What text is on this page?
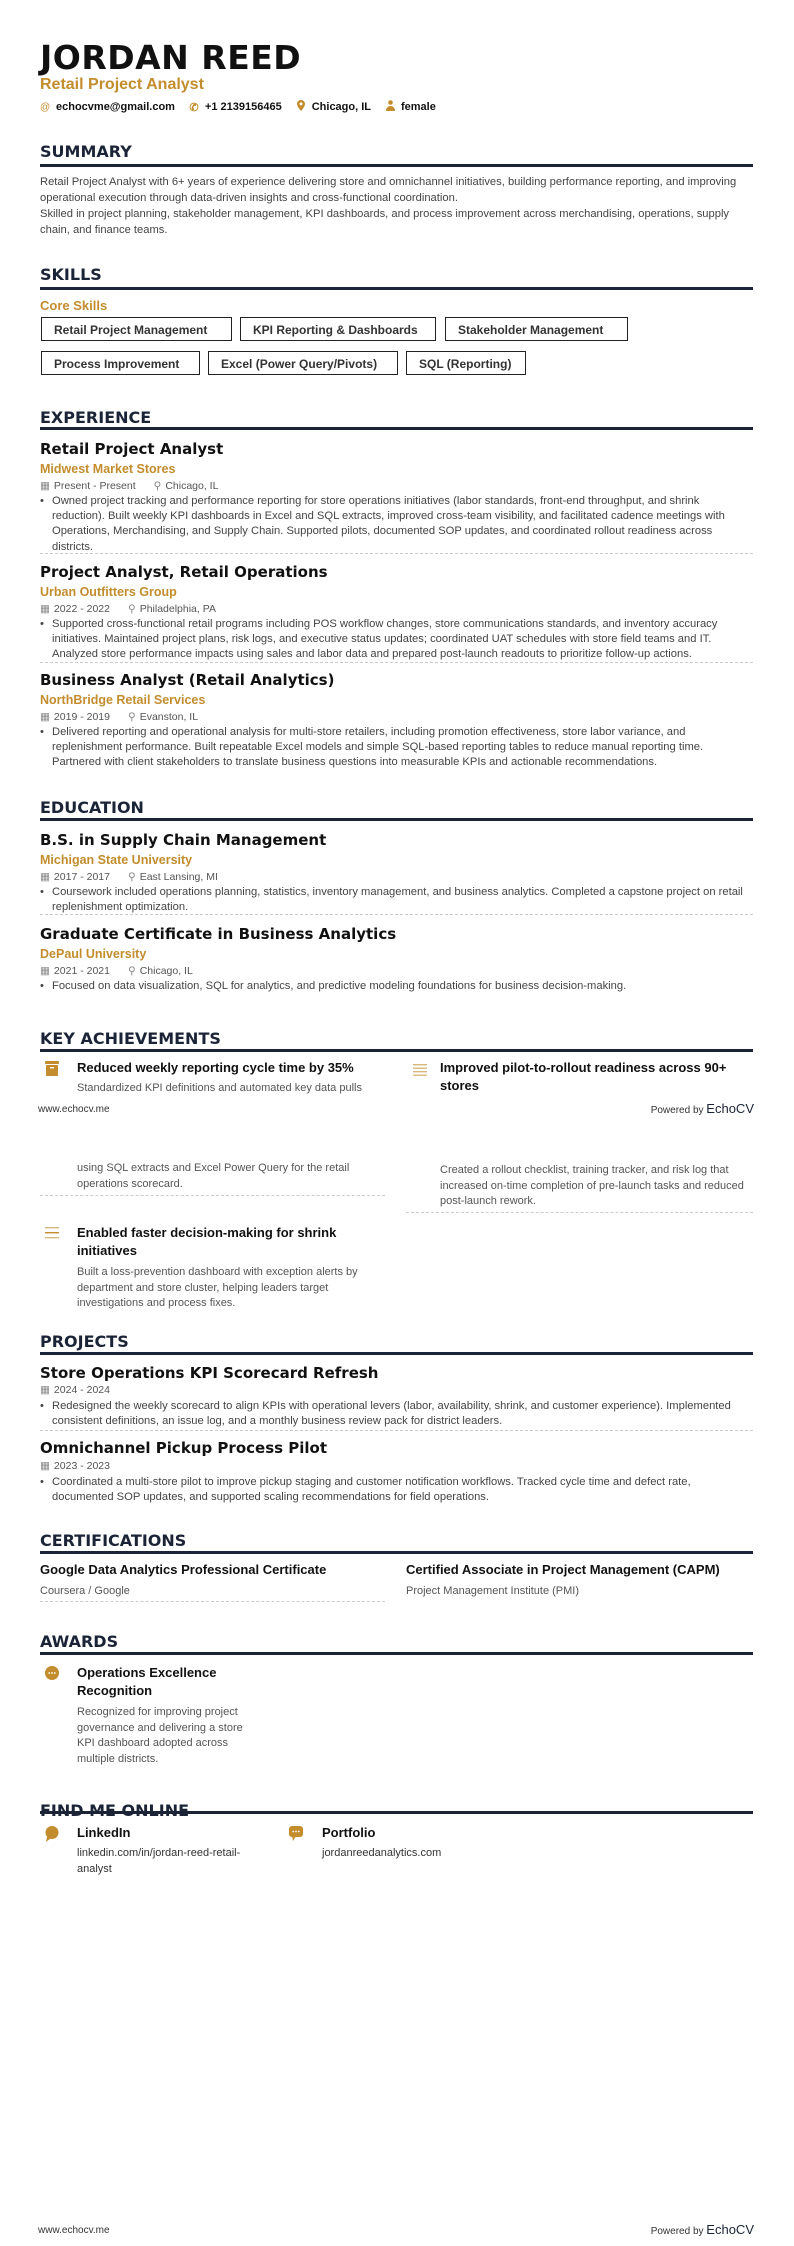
JORDAN REED
Retail Project Analyst
@ echocvme@gmail.com ✆ +1 2139156465	Chicago, IL	female
SUMMARY
Retail Project Analyst with 6+ years of experience delivering store and omnichannel initiatives, building performance reporting, and improving operational execution through data-driven insights and cross-functional coordination.
Skilled in project planning, stakeholder management, KPI dashboards, and process improvement across merchandising, operations, supply chain, and finance teams.
SKILLS
Core Skills
Retail Project Management	KPI Reporting & Dashboards	Stakeholder Management
Process Improvement	Excel (Power Query/Pivots)	SQL (Reporting)
EXPERIENCE
Retail Project Analyst
Midwest Market Stores
▦ Present - Present ⚲ Chicago, IL
• Owned project tracking and performance reporting for store operations initiatives (labor standards, front-end throughput, and shrink reduction). Built weekly KPI dashboards in Excel and SQL extracts, improved cross-team visibility, and facilitated cadence meetings with Operations, Merchandising, and Supply Chain. Supported pilots, documented SOP updates, and coordinated rollout readiness across districts.
Project Analyst, Retail Operations
Urban Outfitters Group
▦ 2022 - 2022 ⚲ Philadelphia, PA
• Supported cross-functional retail programs including POS workflow changes, store communications standards, and inventory accuracy initiatives. Maintained project plans, risk logs, and executive status updates; coordinated UAT schedules with store field teams and IT. Analyzed store performance impacts using sales and labor data and prepared post-launch readouts to prioritize follow-up actions.
Business Analyst (Retail Analytics)
NorthBridge Retail Services
▦ 2019 - 2019 ⚲ Evanston, IL
• Delivered reporting and operational analysis for multi-store retailers, including promotion effectiveness, store labor variance, and replenishment performance. Built repeatable Excel models and simple SQL-based reporting tables to reduce manual reporting time. Partnered with client stakeholders to translate business questions into measurable KPIs and actionable recommendations.
EDUCATION
B.S. in Supply Chain Management
Michigan State University
▦ 2017 - 2017 ⚲ East Lansing, MI
• Coursework included operations planning, statistics, inventory management, and business analytics. Completed a capstone project on retail replenishment optimization.
Graduate Certificate in Business Analytics
DePaul University
▦ 2021 - 2021 ⚲ Chicago, IL
• Focused on data visualization, SQL for analytics, and predictive modeling foundations for business decision-making.
KEY ACHIEVEMENTS
Reduced weekly reporting cycle time by 35%
Standardized KPI definitions and automated key data pulls
Improved pilot-to-rollout readiness across 90+ stores
www.echocv.me	Powered by EchoCV
using SQL extracts and Excel Power Query for the retail operations scorecard.
Created a rollout checklist, training tracker, and risk log that increased on-time completion of pre-launch tasks and reduced post-launch rework.
Enabled faster decision-making for shrink initiatives
Built a loss-prevention dashboard with exception alerts by department and store cluster, helping leaders target investigations and process fixes.
PROJECTS
Store Operations KPI Scorecard Refresh
▦ 2024 - 2024
• Redesigned the weekly scorecard to align KPIs with operational levers (labor, availability, shrink, and customer experience). Implemented consistent definitions, an issue log, and a monthly business review pack for district leaders.
Omnichannel Pickup Process Pilot
▦ 2023 - 2023
• Coordinated a multi-store pilot to improve pickup staging and customer notification workflows. Tracked cycle time and defect rate, documented SOP updates, and supported scaling recommendations for field operations.
CERTIFICATIONS
Google Data Analytics Professional Certificate
Coursera / Google
Certified Associate in Project Management (CAPM)
Project Management Institute (PMI)
AWARDS
Operations Excellence Recognition
Recognized for improving project governance and delivering a store KPI dashboard adopted across multiple districts.
LinkedIn
linkedin.com/in/jordan-reed-retail-analyst
Portfolio
jordanreedanalytics.com
www.echocv.me	Powered by EchoCV
